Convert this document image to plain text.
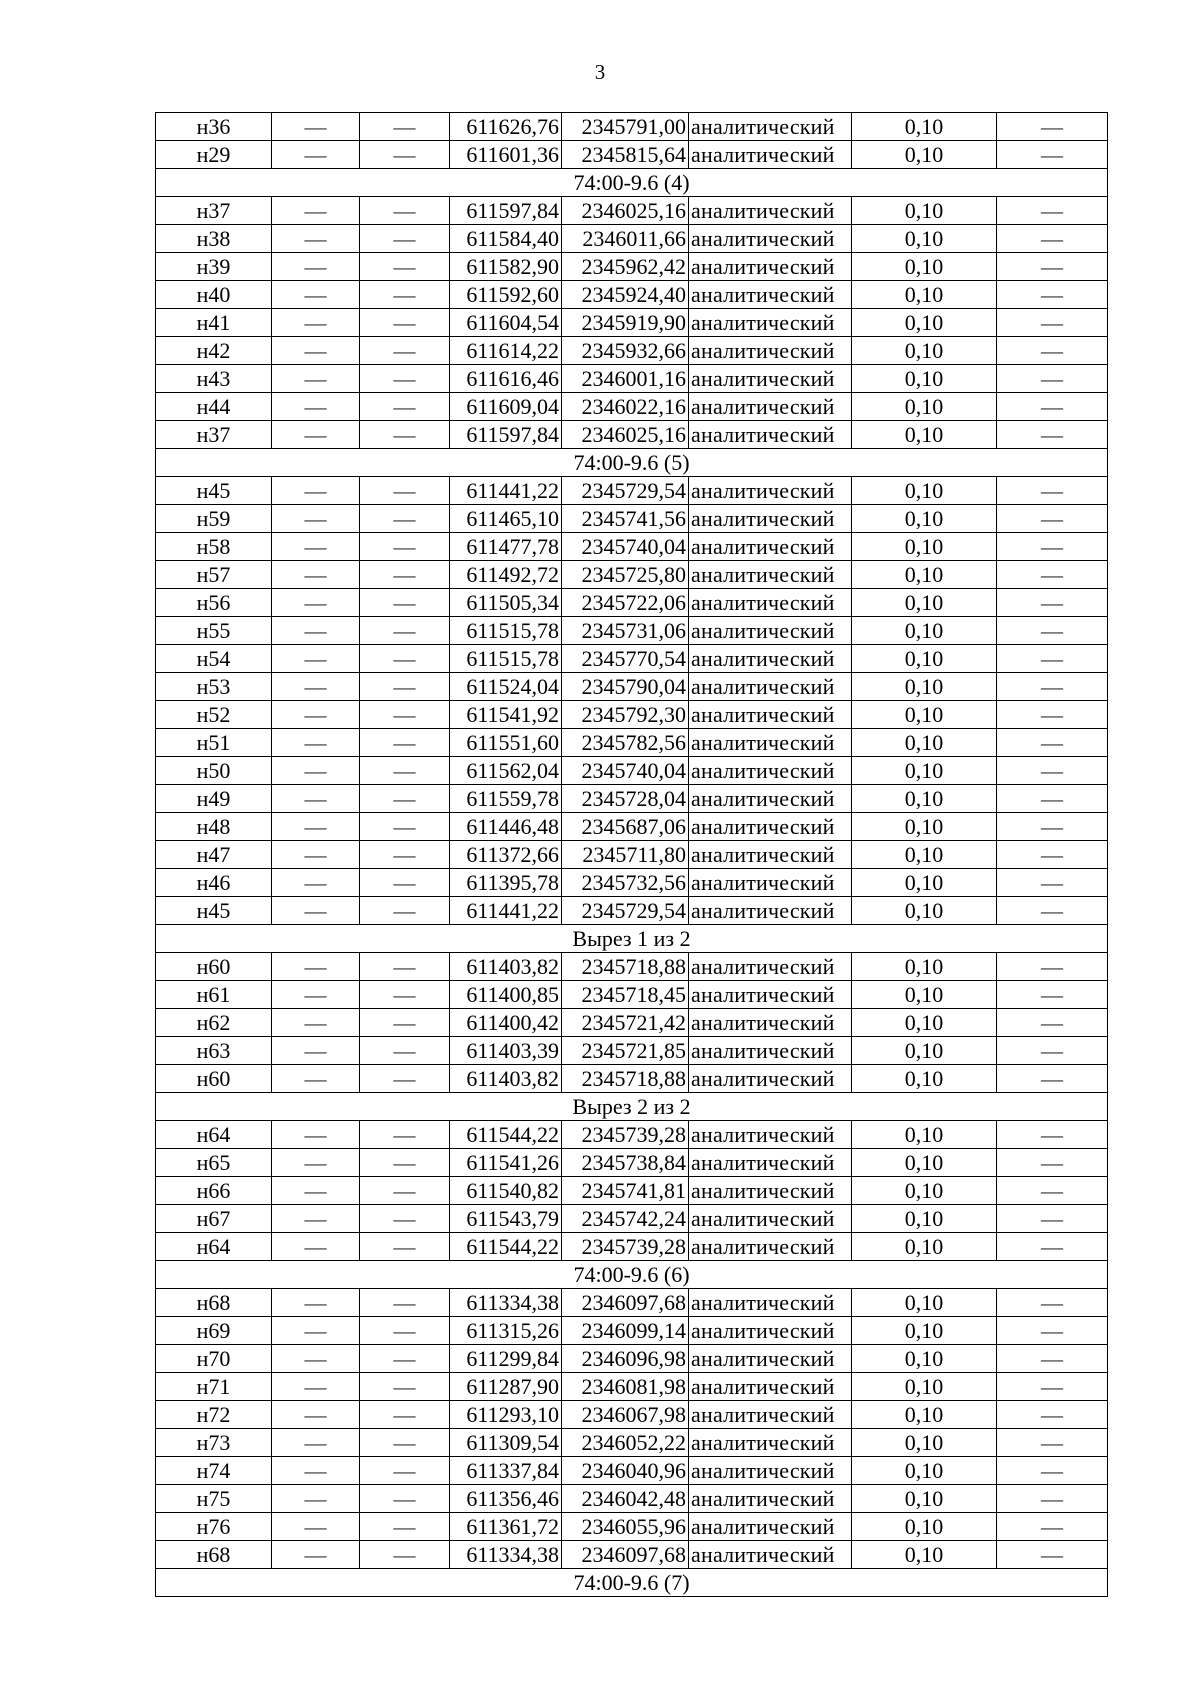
3
н36	—	—	611626,76	2345791,00	аналитический	0,10	—
н29	—	—	611601,36	2345815,64	аналитический	0,10	—
74:00-9.6 (4)							
н37	—	—	611597,84	2346025,16	аналитический	0,10	—
н38	—	—	611584,40	2346011,66	аналитический	0,10	—
н39	—	—	611582,90	2345962,42	аналитический	0,10	—
н40	—	—	611592,60	2345924,40	аналитический	0,10	—
н41	—	—	611604,54	2345919,90	аналитический	0,10	—
н42	—	—	611614,22	2345932,66	аналитический	0,10	—
н43	—	—	611616,46	2346001,16	аналитический	0,10	—
н44	—	—	611609,04	2346022,16	аналитический	0,10	—
н37	—	—	611597,84	2346025,16	аналитический	0,10	—
74:00-9.6 (5)							
н45	—	—	611441,22	2345729,54	аналитический	0,10	—
н59	—	—	611465,10	2345741,56	аналитический	0,10	—
н58	—	—	611477,78	2345740,04	аналитический	0,10	—
н57	—	—	611492,72	2345725,80	аналитический	0,10	—
н56	—	—	611505,34	2345722,06	аналитический	0,10	—
н55	—	—	611515,78	2345731,06	аналитический	0,10	—
н54	—	—	611515,78	2345770,54	аналитический	0,10	—
н53	—	—	611524,04	2345790,04	аналитический	0,10	—
н52	—	—	611541,92	2345792,30	аналитический	0,10	—
н51	—	—	611551,60	2345782,56	аналитический	0,10	—
н50	—	—	611562,04	2345740,04	аналитический	0,10	—
н49	—	—	611559,78	2345728,04	аналитический	0,10	—
н48	—	—	611446,48	2345687,06	аналитический	0,10	—
н47	—	—	611372,66	2345711,80	аналитический	0,10	—
н46	—	—	611395,78	2345732,56	аналитический	0,10	—
н45	—	—	611441,22	2345729,54	аналитический	0,10	—
Вырез 1 из 2							
н60	—	—	611403,82	2345718,88	аналитический	0,10	—
н61	—	—	611400,85	2345718,45	аналитический	0,10	—
н62	—	—	611400,42	2345721,42	аналитический	0,10	—
н63	—	—	611403,39	2345721,85	аналитический	0,10	—
н60	—	—	611403,82	2345718,88	аналитический	0,10	—
Вырез 2 из 2							
н64	—	—	611544,22	2345739,28	аналитический	0,10	—
н65	—	—	611541,26	2345738,84	аналитический	0,10	—
н66	—	—	611540,82	2345741,81	аналитический	0,10	—
н67	—	—	611543,79	2345742,24	аналитический	0,10	—
н64	—	—	611544,22	2345739,28	аналитический	0,10	—
74:00-9.6 (6)							
н68	—	—	611334,38	2346097,68	аналитический	0,10	—
н69	—	—	611315,26	2346099,14	аналитический	0,10	—
н70	—	—	611299,84	2346096,98	аналитический	0,10	—
н71	—	—	611287,90	2346081,98	аналитический	0,10	—
н72	—	—	611293,10	2346067,98	аналитический	0,10	—
н73	—	—	611309,54	2346052,22	аналитический	0,10	—
н74	—	—	611337,84	2346040,96	аналитический	0,10	—
н75	—	—	611356,46	2346042,48	аналитический	0,10	—
н76	—	—	611361,72	2346055,96	аналитический	0,10	—
н68	—	—	611334,38	2346097,68	аналитический	0,10	—
74:00-9.6 (7)							
